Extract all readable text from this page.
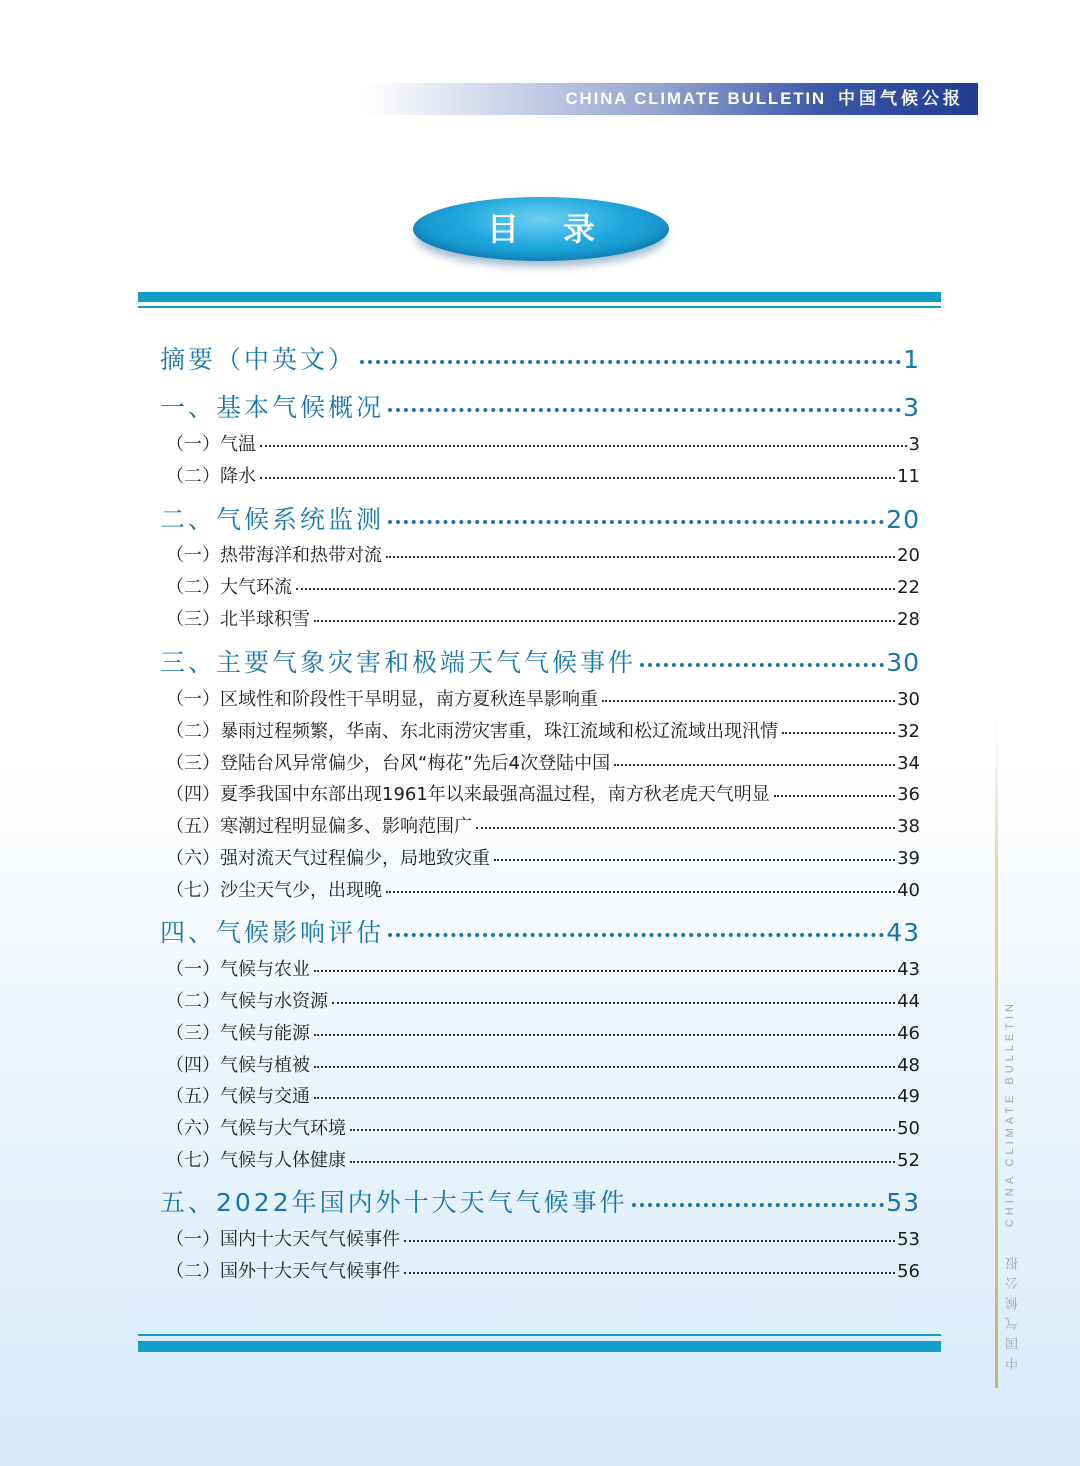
CHINA CLIMATE BULLETIN 中国气候公报
目录
摘要（中英文）	1
一、基本气候概况	3
（一）气温	3
（二）降水	11
二、气候系统监测	20
（一）热带海洋和热带对流	20
（二）大气环流	22
（三）北半球积雪	28
三、主要气象灾害和极端天气气候事件	30
（一）区域性和阶段性干旱明显，南方夏秋连旱影响重	30
（二）暴雨过程频繁，华南、东北雨涝灾害重，珠江流域和松辽流域出现汛情	32
（三）登陆台风异常偏少，台风“梅花”先后4次登陆中国	34
（四）夏季我国中东部出现1961年以来最强高温过程，南方秋老虎天气明显	36
（五）寒潮过程明显偏多、影响范围广	38
（六）强对流天气过程偏少，局地致灾重	39
（七）沙尘天气少，出现晚	40
四、气候影响评估	43
（一）气候与农业	43
（二）气候与水资源	44
（三）气候与能源	46
（四）气候与植被	48
（五）气候与交通	49
（六）气候与大气环境	50
（七）气候与人体健康	52
五、2022年国内外十大天气气候事件	53
（一）国内十大天气气候事件	53
（二）国外十大天气气候事件	56
CHINA CLIMATE BULLETIN
中国气候公报
